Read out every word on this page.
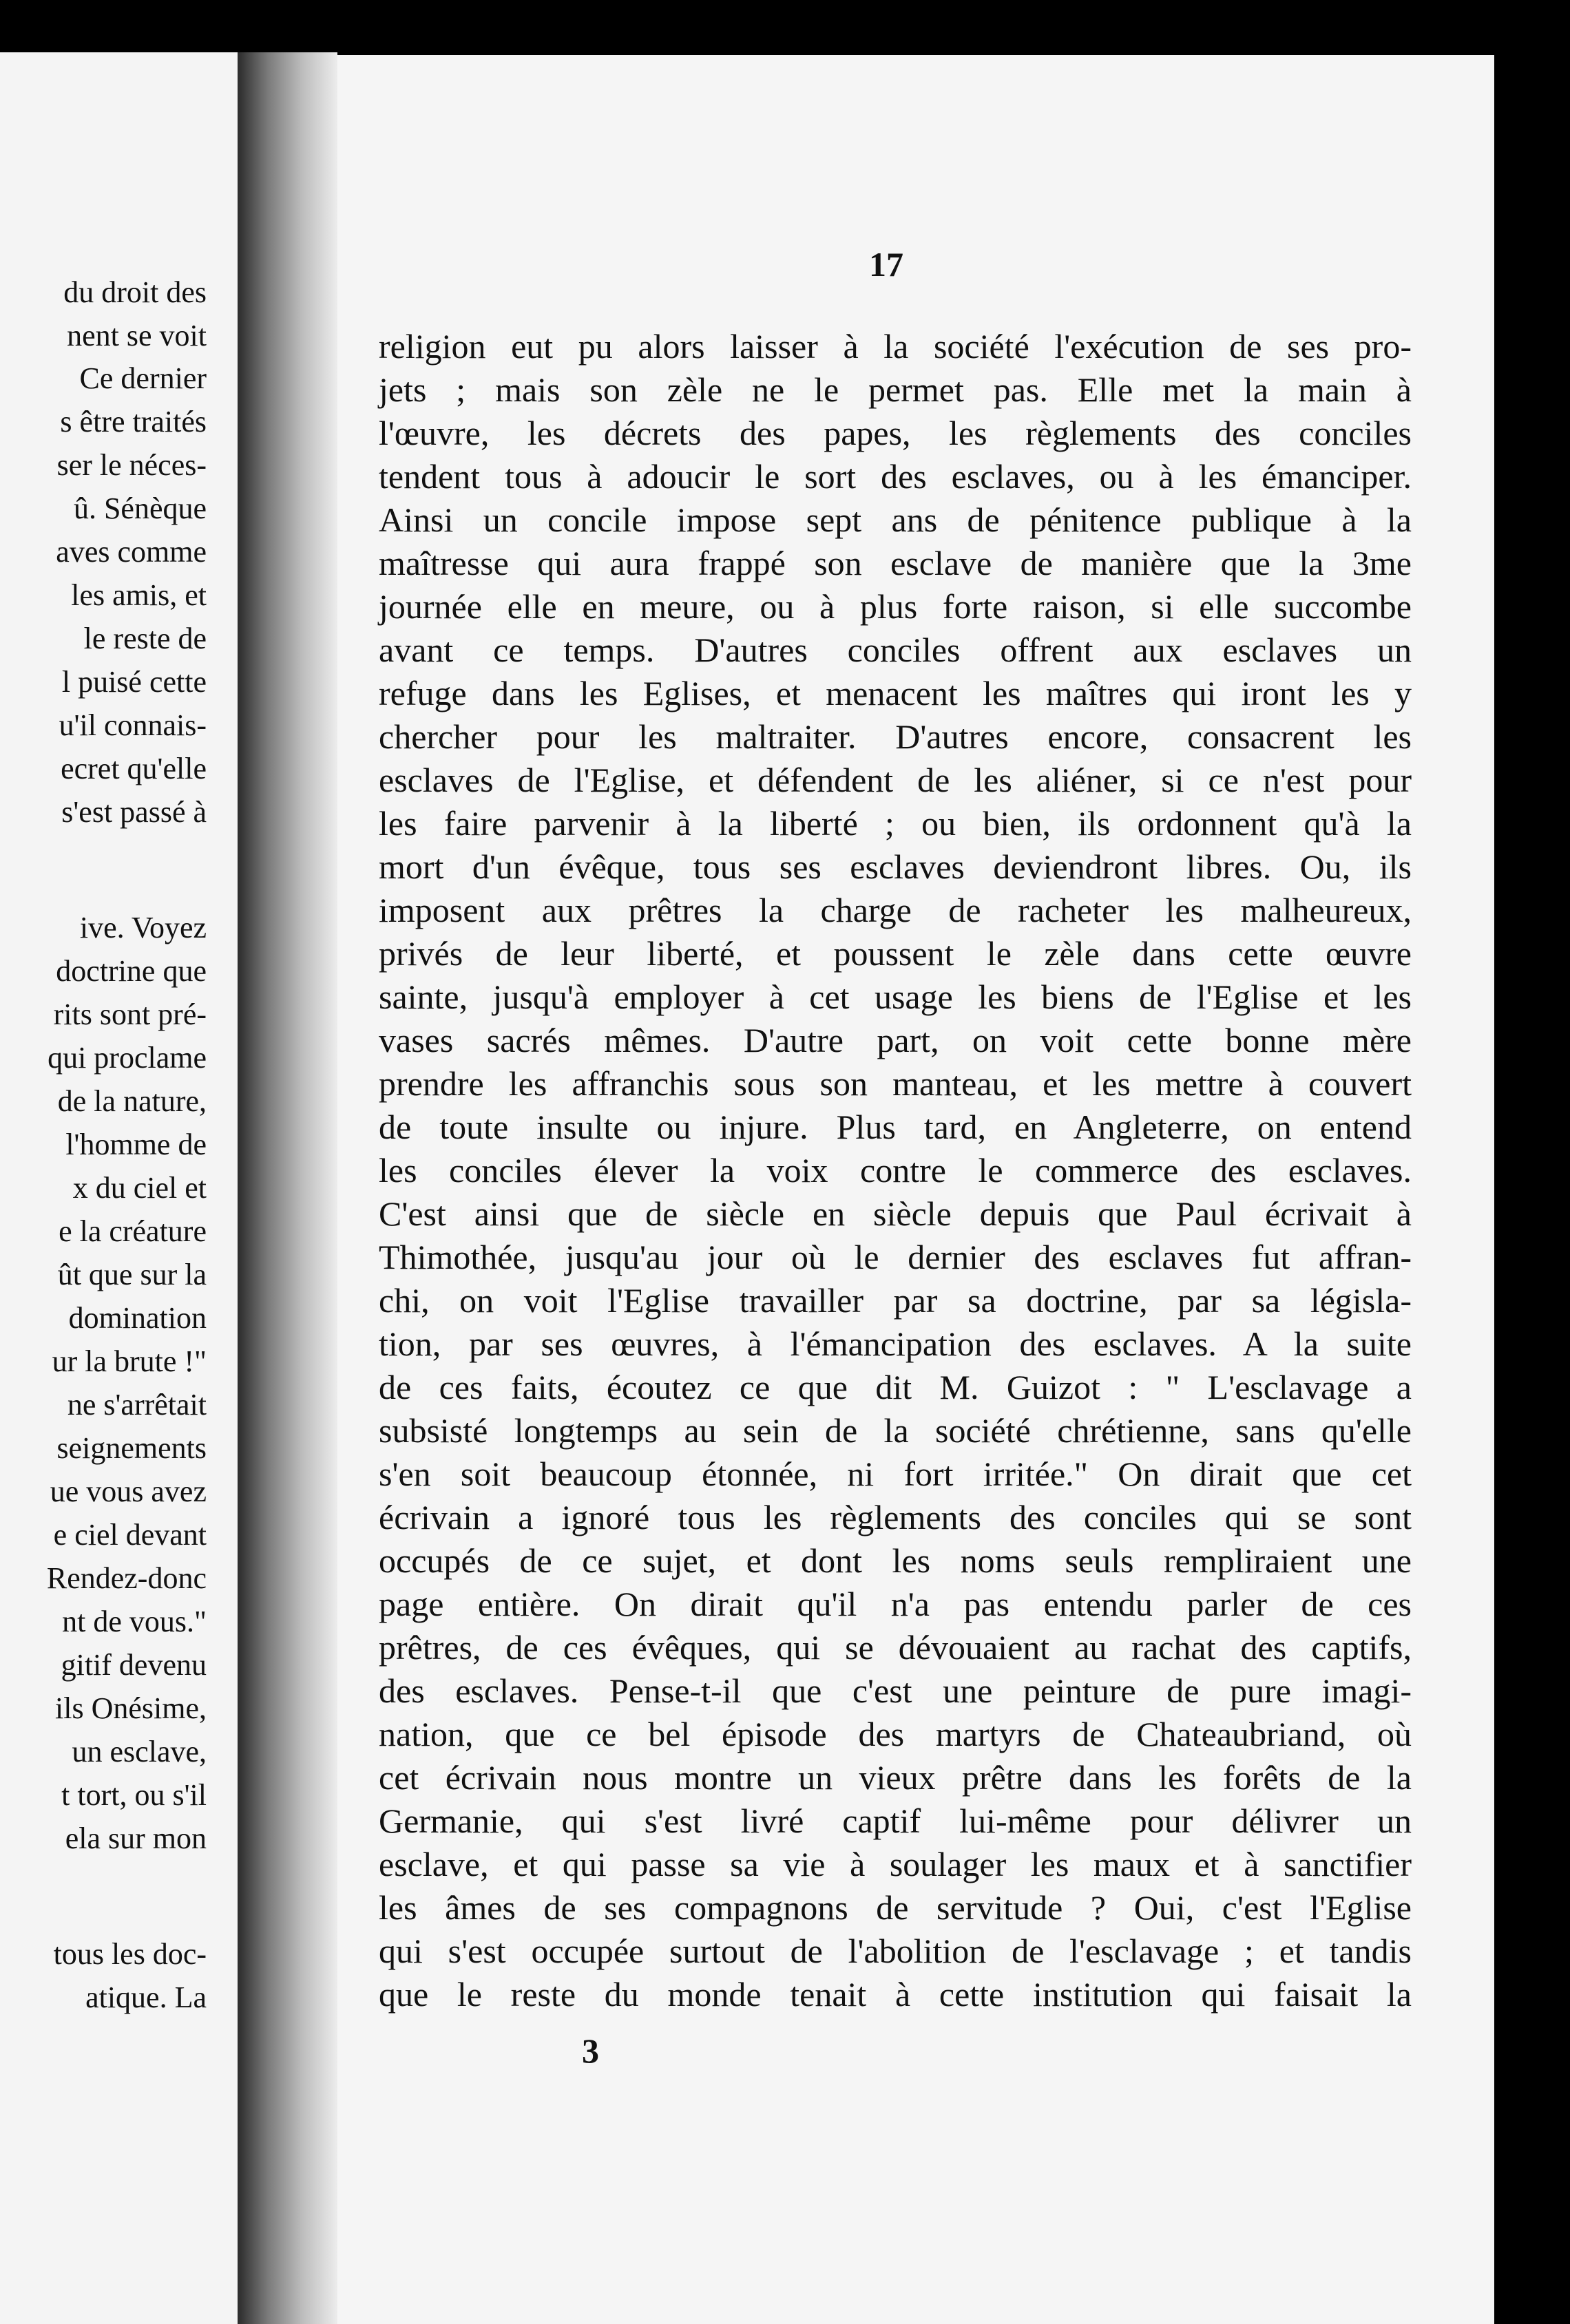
du droit des
nent se voit
Ce dernier
s être traités
ser le néces-
û. Sénèque
aves comme
les amis, et
le reste de
l puisé cette
u'il connais-
ecret qu'elle
s'est passé à
ive. Voyez
doctrine que
rits sont pré-
qui proclame
de la nature,
l'homme de
x du ciel et
e la créature
ût que sur la
domination
ur la brute !"
ne s'arrêtait
seignements
ue vous avez
e ciel devant
Rendez-donc
nt de vous."
gitif devenu
ils Onésime,
un esclave,
t tort, ou s'il
ela sur mon
tous les doc-
atique. La
17
religion eut pu alors laisser à la société l'exécution de ses pro-
jets ; mais son zèle ne le permet pas. Elle met la main à
l'œuvre, les décrets des papes, les règlements des conciles
tendent tous à adoucir le sort des esclaves, ou à les émanciper.
Ainsi un concile impose sept ans de pénitence publique à la
maîtresse qui aura frappé son esclave de manière que la 3me
journée elle en meure, ou à plus forte raison, si elle succombe
avant ce temps. D'autres conciles offrent aux esclaves un
refuge dans les Eglises, et menacent les maîtres qui iront les y
chercher pour les maltraiter. D'autres encore, consacrent les
esclaves de l'Eglise, et défendent de les aliéner, si ce n'est pour
les faire parvenir à la liberté ; ou bien, ils ordonnent qu'à la
mort d'un évêque, tous ses esclaves deviendront libres. Ou, ils
imposent aux prêtres la charge de racheter les malheureux,
privés de leur liberté, et poussent le zèle dans cette œuvre
sainte, jusqu'à employer à cet usage les biens de l'Eglise et les
vases sacrés mêmes. D'autre part, on voit cette bonne mère
prendre les affranchis sous son manteau, et les mettre à couvert
de toute insulte ou injure. Plus tard, en Angleterre, on entend
les conciles élever la voix contre le commerce des esclaves.
C'est ainsi que de siècle en siècle depuis que Paul écrivait à
Thimothée, jusqu'au jour où le dernier des esclaves fut affran-
chi, on voit l'Eglise travailler par sa doctrine, par sa législa-
tion, par ses œuvres, à l'émancipation des esclaves. A la suite
de ces faits, écoutez ce que dit M. Guizot : " L'esclavage a
subsisté longtemps au sein de la société chrétienne, sans qu'elle
s'en soit beaucoup étonnée, ni fort irritée." On dirait que cet
écrivain a ignoré tous les règlements des conciles qui se sont
occupés de ce sujet, et dont les noms seuls rempliraient une
page entière. On dirait qu'il n'a pas entendu parler de ces
prêtres, de ces évêques, qui se dévouaient au rachat des captifs,
des esclaves. Pense-t-il que c'est une peinture de pure imagi-
nation, que ce bel épisode des martyrs de Chateaubriand, où
cet écrivain nous montre un vieux prêtre dans les forêts de la
Germanie, qui s'est livré captif lui-même pour délivrer un
esclave, et qui passe sa vie à soulager les maux et à sanctifier
les âmes de ses compagnons de servitude ? Oui, c'est l'Eglise
qui s'est occupée surtout de l'abolition de l'esclavage ; et tandis
que le reste du monde tenait à cette institution qui faisait la
3
